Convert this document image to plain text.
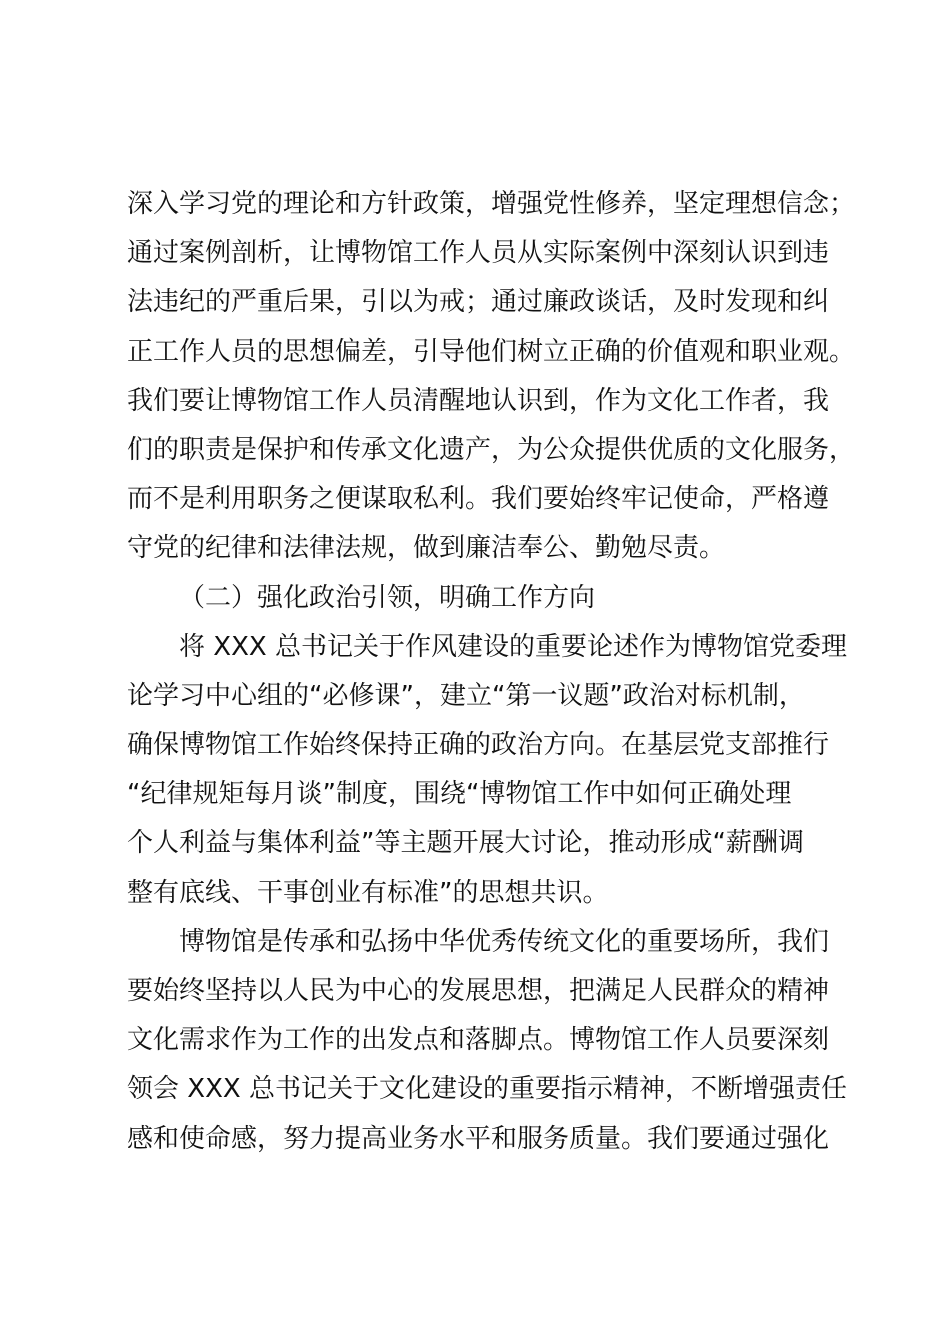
深入学习党的理论和方针政策，增强党性修养，坚定理想信念；
通过案例剖析，让博物馆工作人员从实际案例中深刻认识到违
法违纪的严重后果，引以为戒；通过廉政谈话，及时发现和纠
正工作人员的思想偏差，引导他们树立正确的价值观和职业观。
我们要让博物馆工作人员清醒地认识到，作为文化工作者，我
们的职责是保护和传承文化遗产，为公众提供优质的文化服务，
而不是利用职务之便谋取私利。我们要始终牢记使命，严格遵
守党的纪律和法律法规，做到廉洁奉公、勤勉尽责。
（二）强化政治引领，明确工作方向
将 XXX 总书记关于作风建设的重要论述作为博物馆党委理
论学习中心组的“必修课”，建立“第一议题”政治对标机制，
确保博物馆工作始终保持正确的政治方向。在基层党支部推行
“纪律规矩每月谈”制度，围绕“博物馆工作中如何正确处理
个人利益与集体利益”等主题开展大讨论，推动形成“薪酬调
整有底线、干事创业有标准”的思想共识。
博物馆是传承和弘扬中华优秀传统文化的重要场所，我们
要始终坚持以人民为中心的发展思想，把满足人民群众的精神
文化需求作为工作的出发点和落脚点。博物馆工作人员要深刻
领会 XXX 总书记关于文化建设的重要指示精神，不断增强责任
感和使命感，努力提高业务水平和服务质量。我们要通过强化
